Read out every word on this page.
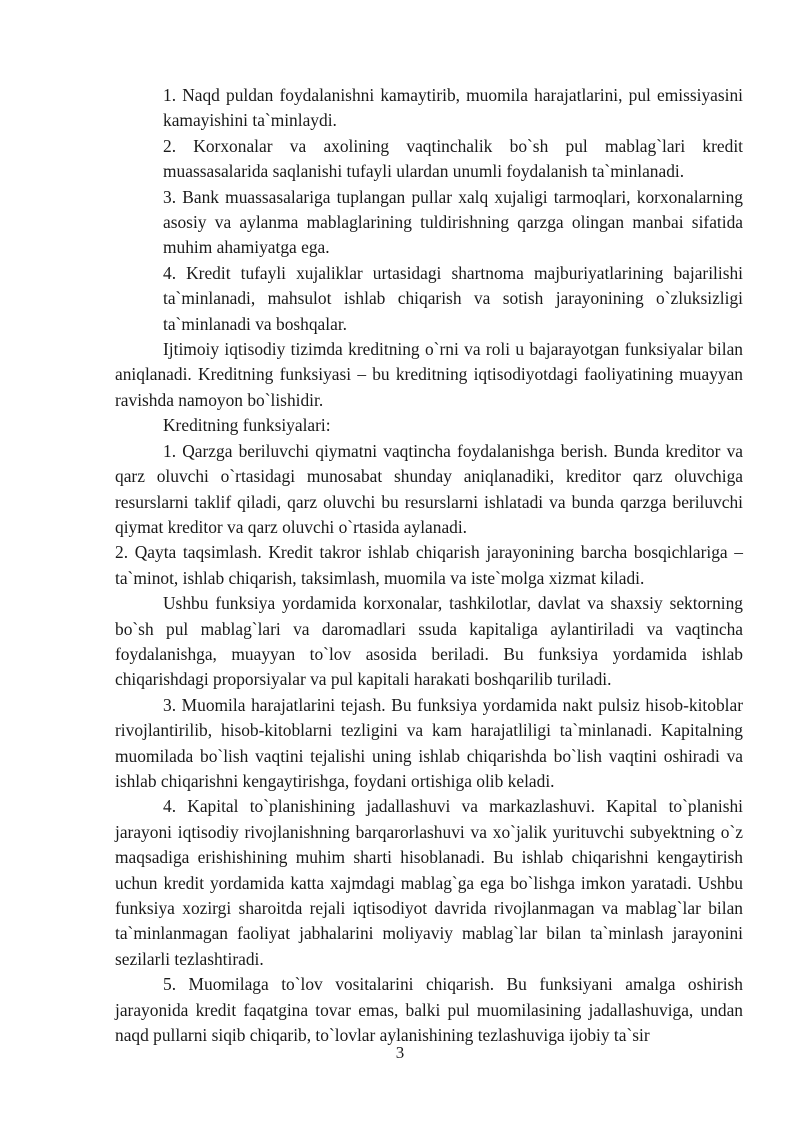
1. Naqd puldan foydalanishni kamaytirib, muomila harajatlarini, pul emissiyasini kamayishini ta`minlaydi.

2. Korxonalar va axolining vaqtinchalik bo`sh pul mablag`lari kredit muassasalarida saqlanishi tufayli ulardan unumli foydalanish ta`minlanadi.

3. Bank muassasalariga tuplangan pullar xalq xujaligi tarmoqlari, korxonalarning asosiy va aylanma mablaglarining tuldirishning qarzga olingan manbai sifatida muhim ahamiyatga ega.

4. Kredit tufayli xujaliklar urtasidagi shartnoma majburiyatlarining bajarilishi ta`minlanadi, mahsulot ishlab chiqarish va sotish jarayonining o`zluksizligi ta`minlanadi va boshqalar.

Ijtimoiy iqtisodiy tizimda kreditning o`rni va roli u bajarayotgan funksiyalar bilan aniqlanadi. Kreditning funksiyasi – bu kreditning iqtisodiyotdagi faoliyatining muayyan ravishda namoyon bo`lishidir.

Kreditning funksiyalari:

1. Qarzga beriluvchi qiymatni vaqtincha foydalanishga berish. Bunda kreditor va qarz oluvchi o`rtasidagi munosabat shunday aniqlanadiki, kreditor qarz oluvchiga resurslarni taklif qiladi, qarz oluvchi bu resurslarni ishlatadi va bunda qarzga beriluvchi qiymat kreditor va qarz oluvchi o`rtasida aylanadi.

2. Qayta taqsimlash. Kredit takror ishlab chiqarish jarayonining barcha bosqichlariga – ta`minot, ishlab chiqarish, taksimlash, muomila va iste`molga xizmat kiladi.

Ushbu funksiya yordamida korxonalar, tashkilotlar, davlat va shaxsiy sektorning bo`sh pul mablag`lari va daromadlari ssuda kapitaliga aylantiriladi va vaqtincha foydalanishga, muayyan to`lov asosida beriladi. Bu funksiya yordamida ishlab chiqarishdagi proporsiyalar va pul kapitali harakati boshqarilib turiladi.

3. Muomila harajatlarini tejash. Bu funksiya yordamida nakt pulsiz hisob-kitoblar rivojlantirilib, hisob-kitoblarni tezligini va kam harajatliligi ta`minlanadi. Kapitalning muomilada bo`lish vaqtini tejalishi uning ishlab chiqarishda bo`lish vaqtini oshiradi va ishlab chiqarishni kengaytirishga, foydani ortishiga olib keladi.

4. Kapital to`planishining jadallashuvi va markazlashuvi. Kapital to`planishi jarayoni iqtisodiy rivojlanishning barqarorlashuvi va xo`jalik yurituvchi subyektning o`z maqsadiga erishishining muhim sharti hisoblanadi. Bu ishlab chiqarishni kengaytirish uchun kredit yordamida katta xajmdagi mablag`ga ega bo`lishga imkon yaratadi. Ushbu funksiya xozirgi sharoitda rejali iqtisodiyot davrida rivojlanmagan va mablag`lar bilan ta`minlanmagan faoliyat jabhalarini moliyaviy mablag`lar bilan ta`minlash jarayonini sezilarli tezlashtiradi.

5. Muomilaga to`lov vositalarini chiqarish. Bu funksiyani amalga oshirish jarayonida kredit faqatgina tovar emas, balki pul muomilasining jadallashuviga, undan naqd pullarni siqib chiqarib, to`lovlar aylanishining tezlashuviga ijobiy ta`sir

3
